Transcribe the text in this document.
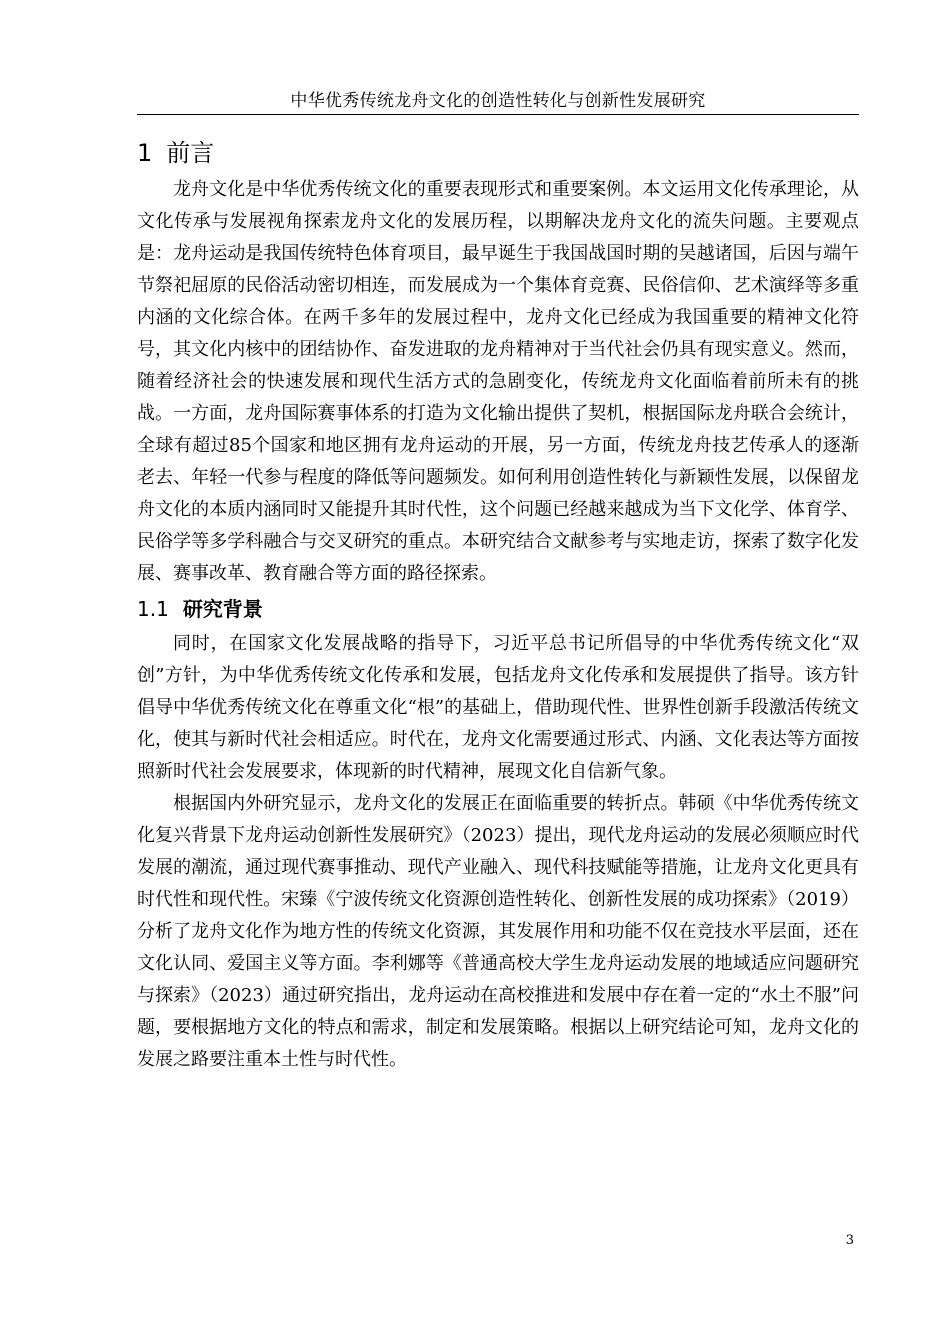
中华优秀传统龙舟文化的创造性转化与创新性发展研究
1 前言

龙舟文化是中华优秀传统文化的重要表现形式和重要案例。本文运用文化传承理论，从文化传承与发展视角探索龙舟文化的发展历程，以期解决龙舟文化的流失问题。主要观点是：龙舟运动是我国传统特色体育项目，最早诞生于我国战国时期的吴越诸国，后因与端午节祭祀屈原的民俗活动密切相连，而发展成为一个集体育竞赛、民俗信仰、艺术演绎等多重内涵的文化综合体。在两千多年的发展过程中，龙舟文化已经成为我国重要的精神文化符号，其文化内核中的团结协作、奋发进取的龙舟精神对于当代社会仍具有现实意义。然而，随着经济社会的快速发展和现代生活方式的急剧变化，传统龙舟文化面临着前所未有的挑战。一方面，龙舟国际赛事体系的打造为文化输出提供了契机，根据国际龙舟联合会统计，全球有超过85个国家和地区拥有龙舟运动的开展，另一方面，传统龙舟技艺传承人的逐渐老去、年轻一代参与程度的降低等问题频发。如何利用创造性转化与新颖性发展，以保留龙舟文化的本质内涵同时又能提升其时代性，这个问题已经越来越成为当下文化学、体育学、民俗学等多学科融合与交叉研究的重点。本研究结合文献参考与实地走访，探索了数字化发展、赛事改革、教育融合等方面的路径探索。

1.1 研究背景

同时，在国家文化发展战略的指导下，习近平总书记所倡导的中华优秀传统文化“双创”方针，为中华优秀传统文化传承和发展，包括龙舟文化传承和发展提供了指导。该方针倡导中华优秀传统文化在尊重文化“根”的基础上，借助现代性、世界性创新手段激活传统文化，使其与新时代社会相适应。时代在，龙舟文化需要通过形式、内涵、文化表达等方面按照新时代社会发展要求，体现新的时代精神，展现文化自信新气象。

根据国内外研究显示，龙舟文化的发展正在面临重要的转折点。韩硕《中华优秀传统文化复兴背景下龙舟运动创新性发展研究》（2023）提出，现代龙舟运动的发展必须顺应时代发展的潮流，通过现代赛事推动、现代产业融入、现代科技赋能等措施，让龙舟文化更具有时代性和现代性。宋臻《宁波传统文化资源创造性转化、创新性发展的成功探索》（2019）分析了龙舟文化作为地方性的传统文化资源，其发展作用和功能不仅在竞技水平层面，还在文化认同、爱国主义等方面。李利娜等《普通高校大学生龙舟运动发展的地域适应问题研究与探索》（2023）通过研究指出，龙舟运动在高校推进和发展中存在着一定的“水土不服”问题，要根据地方文化的特点和需求，制定和发展策略。根据以上研究结论可知，龙舟文化的发展之路要注重本土性与时代性。

3
